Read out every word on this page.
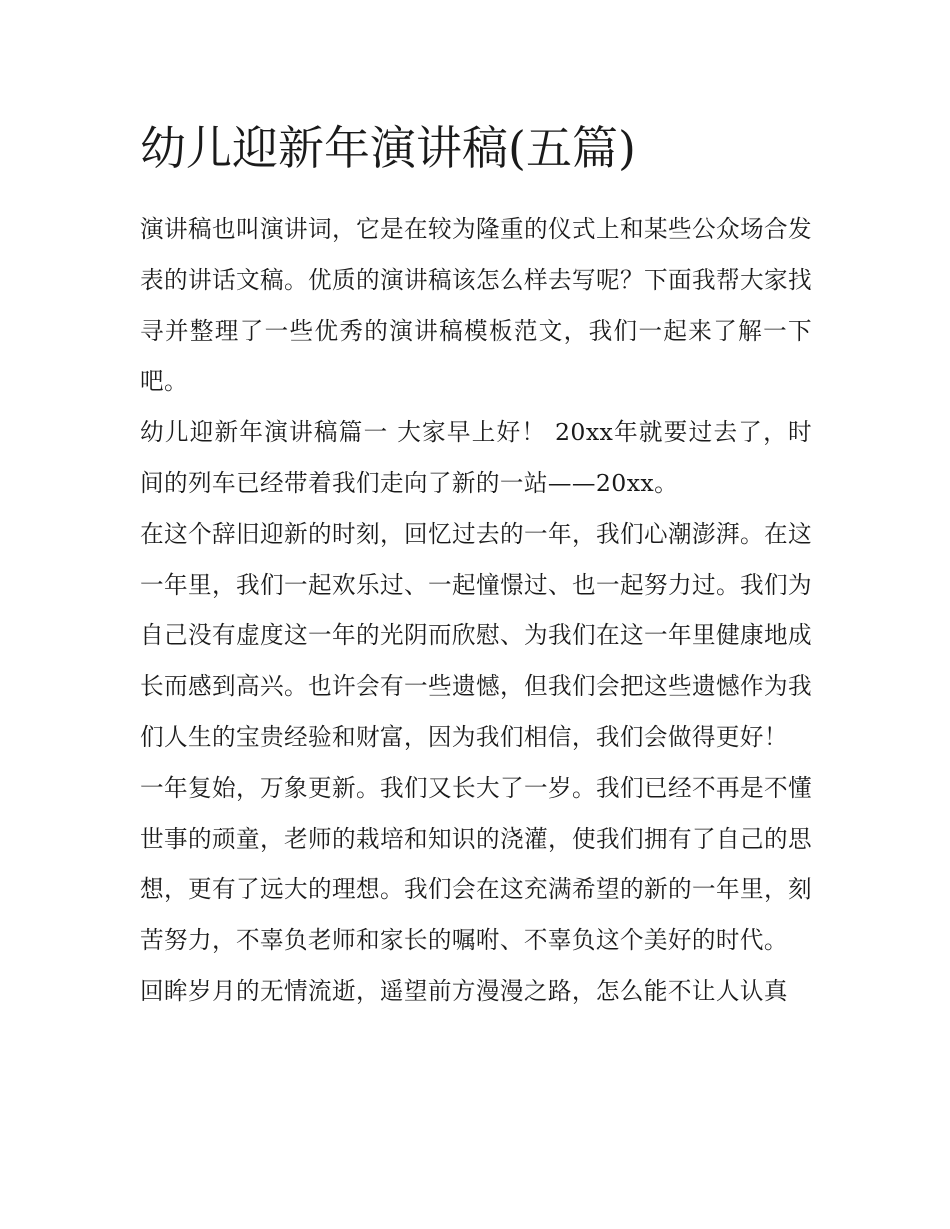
幼儿迎新年演讲稿(五篇)

演讲稿也叫演讲词，它是在较为隆重的仪式上和某些公众场合发表的讲话文稿。优质的演讲稿该怎么样去写呢？下面我帮大家找寻并整理了一些优秀的演讲稿模板范文，我们一起来了解一下吧。

幼儿迎新年演讲稿篇一 大家早上好！ 20xx年就要过去了，时间的列车已经带着我们走向了新的一站——20xx。

在这个辞旧迎新的时刻，回忆过去的一年，我们心潮澎湃。在这一年里，我们一起欢乐过、一起憧憬过、也一起努力过。我们为自己没有虚度这一年的光阴而欣慰、为我们在这一年里健康地成长而感到高兴。也许会有一些遗憾，但我们会把这些遗憾作为我们人生的宝贵经验和财富，因为我们相信，我们会做得更好！

一年复始，万象更新。我们又长大了一岁。我们已经不再是不懂世事的顽童，老师的栽培和知识的浇灌，使我们拥有了自己的思想，更有了远大的理想。我们会在这充满希望的新的一年里，刻苦努力，不辜负老师和家长的嘱咐、不辜负这个美好的时代。

回眸岁月的无情流逝，遥望前方漫漫之路，怎么能不让人认真
